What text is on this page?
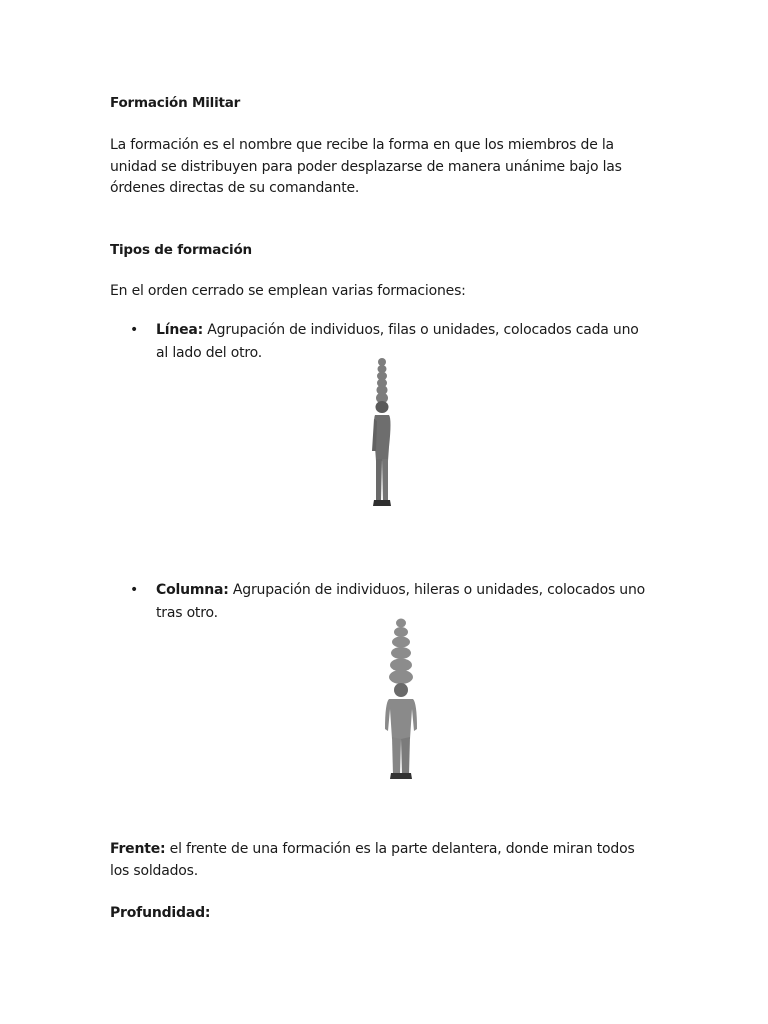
Formación Militar
La formación es el nombre que recibe la forma en que los miembros de la unidad se distribuyen para poder desplazarse de manera unánime bajo las órdenes directas de su comandante.
Tipos de formación
En el orden cerrado se emplean varias formaciones:
•	Línea: Agrupación de individuos, filas o unidades, colocados cada uno al lado del otro.
•	Columna: Agrupación de individuos, hileras o unidades, colocados uno tras otro.
Frente: el frente de una formación es la parte delantera, donde miran todos los soldados.
Profundidad:
